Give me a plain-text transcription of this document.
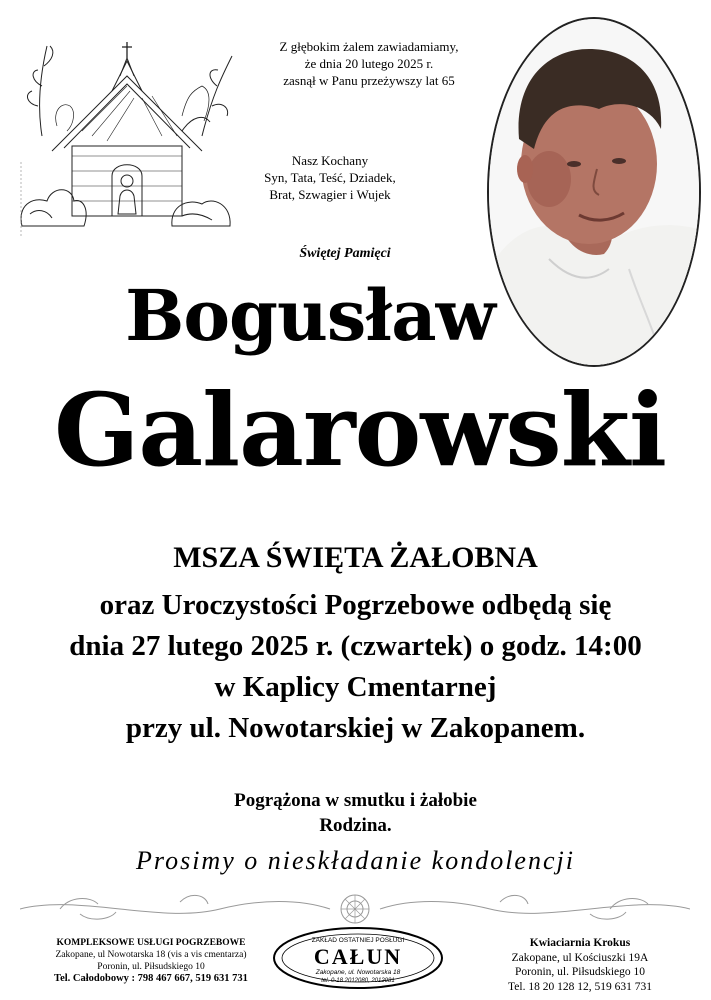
Z głębokim żalem zawiadamiamy,
że dnia 20 lutego 2025 r.
zasnął w Panu przeżywszy lat 65
Nasz Kochany
Syn, Tata, Teść, Dziadek,
Brat, Szwagier i Wujek
Świętej Pamięci
Bogusław
Galarowski
MSZA ŚWIĘTA ŻAŁOBNA
oraz Uroczystości Pogrzebowe odbędą się
dnia 27 lutego 2025 r. (czwartek) o godz. 14:00
w Kaplicy Cmentarnej
przy ul. Nowotarskiej w Zakopanem.
Pogrążona w smutku i żałobie
Rodzina.
Prosimy o nieskładanie kondolencji
KOMPLEKSOWE USŁUGI POGRZEBOWE
Zakopane, ul Nowotarska 18 (vis a vis cmentarza)
Poronin, ul. Piłsudskiego 10
Tel. Całodobowy : 798 467 667, 519 631 731
ZAKŁAD OSTATNIEJ POSŁUGI
CAŁUN
Zakopane, ul. Nowotarska 18
tel. 0-18 2012080, 2012081
Kwiaciarnia Krokus
Zakopane, ul Kościuszki 19A
Poronin, ul. Piłsudskiego 10
Tel. 18 20 128 12, 519 631 731
